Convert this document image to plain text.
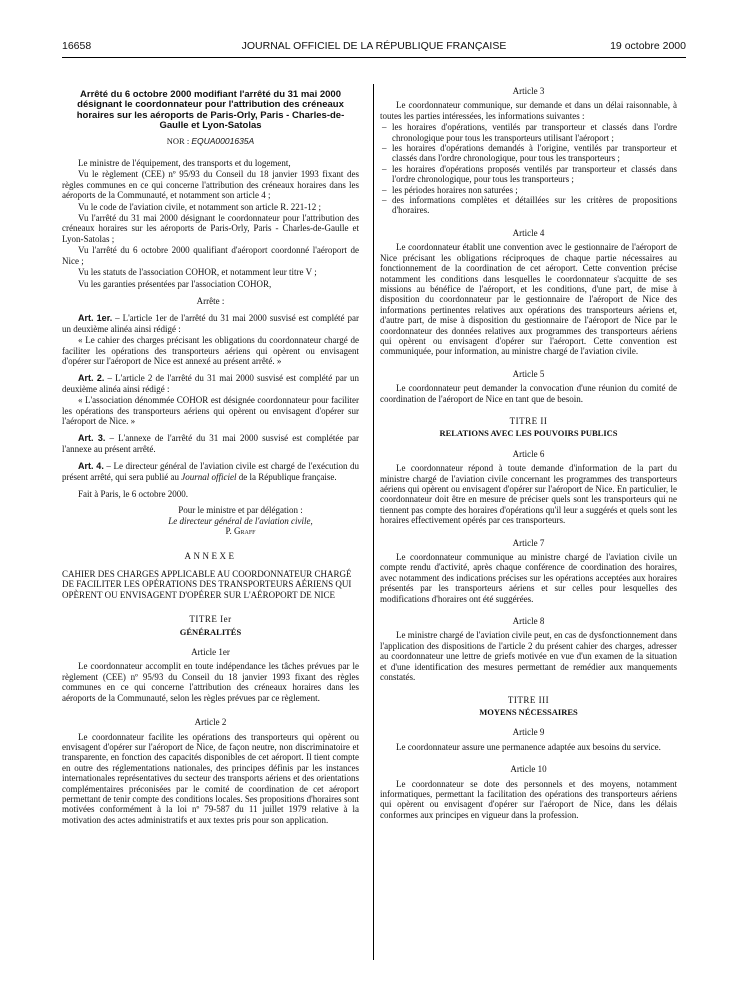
16658	JOURNAL OFFICIEL DE LA RÉPUBLIQUE FRANÇAISE	19 octobre 2000
Arrêté du 6 octobre 2000 modifiant l'arrêté du 31 mai 2000 désignant le coordonnateur pour l'attribution des créneaux horaires sur les aéroports de Paris-Orly, Paris - Charles-de-Gaulle et Lyon-Satolas

NOR : EQUA0001635A

Le ministre de l'équipement, des transports et du logement,

Vu le règlement (CEE) nº 95/93 du Conseil du 18 janvier 1993 fixant des règles communes en ce qui concerne l'attribution des créneaux horaires dans les aéroports de la Communauté, et notamment son article 4 ;

Vu le code de l'aviation civile, et notamment son article R. 221-12 ;

Vu l'arrêté du 31 mai 2000 désignant le coordonnateur pour l'attribution des créneaux horaires sur les aéroports de Paris-Orly, Paris - Charles-de-Gaulle et Lyon-Satolas ;

Vu l'arrêté du 6 octobre 2000 qualifiant d'aéroport coordonné l'aéroport de Nice ;

Vu les statuts de l'association COHOR, et notamment leur titre V ;

Vu les garanties présentées par l'association COHOR,

Arrête :

Art. 1er. – L'article 1er de l'arrêté du 31 mai 2000 susvisé est complété par un deuxième alinéa ainsi rédigé :

« Le cahier des charges précisant les obligations du coordonnateur chargé de faciliter les opérations des transporteurs aériens qui opèrent ou envisagent d'opérer sur l'aéroport de Nice est annexé au présent arrêté. »

Art. 2. – L'article 2 de l'arrêté du 31 mai 2000 susvisé est complété par un deuxième alinéa ainsi rédigé :

« L'association dénommée COHOR est désignée coordonnateur pour faciliter les opérations des transporteurs aériens qui opèrent ou envisagent d'opérer sur l'aéroport de Nice. »

Art. 3. – L'annexe de l'arrêté du 31 mai 2000 susvisé est complétée par l'annexe au présent arrêté.

Art. 4. – Le directeur général de l'aviation civile est chargé de l'exécution du présent arrêté, qui sera publié au Journal officiel de la République française.

Fait à Paris, le 6 octobre 2000.

Pour le ministre et par délégation :
Le directeur général de l'aviation civile,
P. Graff

ANNEXE

CAHIER DES CHARGES APPLICABLE AU COORDONNATEUR CHARGÉ DE FACILITER LES OPÉRATIONS DES TRANSPORTEURS AÉRIENS QUI OPÈRENT OU ENVISAGENT D'OPÉRER SUR L'AÉROPORT DE NICE

TITRE Ier

GÉNÉRALITÉS

Article 1er

Le coordonnateur accomplit en toute indépendance les tâches prévues par le règlement (CEE) nº 95/93 du Conseil du 18 janvier 1993 fixant des règles communes en ce qui concerne l'attribution des créneaux horaires dans les aéroports de la Communauté, selon les règles prévues par ce règlement.

Article 2

Le coordonnateur facilite les opérations des transporteurs qui opèrent ou envisagent d'opérer sur l'aéroport de Nice, de façon neutre, non discriminatoire et transparente, en fonction des capacités disponibles de cet aéroport. Il tient compte en outre des réglementations nationales, des principes définis par les instances internationales représentatives du secteur des transports aériens et des orientations complémentaires préconisées par le comité de coordination de cet aéroport permettant de tenir compte des conditions locales. Ses propositions d'horaires sont motivées conformément à la loi nº 79-587 du 11 juillet 1979 relative à la motivation des actes administratifs et aux textes pris pour son application.

Article 3

Le coordonnateur communique, sur demande et dans un délai raisonnable, à toutes les parties intéressées, les informations suivantes :

– les horaires d'opérations, ventilés par transporteur et classés dans l'ordre chronologique pour tous les transporteurs utilisant l'aéroport ;
– les horaires d'opérations demandés à l'origine, ventilés par transporteur et classés dans l'ordre chronologique, pour tous les transporteurs ;
– les horaires d'opérations proposés ventilés par transporteur et classés dans l'ordre chronologique, pour tous les transporteurs ;
– les périodes horaires non saturées ;
– des informations complètes et détaillées sur les critères de propositions d'horaires.

Article 4

Le coordonnateur établit une convention avec le gestionnaire de l'aéroport de Nice précisant les obligations réciproques de chaque partie nécessaires au fonctionnement de la coordination de cet aéroport. Cette convention précise notamment les conditions dans lesquelles le coordonnateur s'acquitte de ses missions au bénéfice de l'aéroport, et les conditions, d'une part, de mise à disposition du coordonnateur par le gestionnaire de l'aéroport de Nice des informations pertinentes relatives aux opérations des transporteurs aériens et, d'autre part, de mise à disposition du gestionnaire de l'aéroport de Nice par le coordonnateur des données relatives aux programmes des transporteurs aériens qui opèrent ou envisagent d'opérer sur l'aéroport. Cette convention est communiquée, pour information, au ministre chargé de l'aviation civile.

Article 5

Le coordonnateur peut demander la convocation d'une réunion du comité de coordination de l'aéroport de Nice en tant que de besoin.

TITRE II

RELATIONS AVEC LES POUVOIRS PUBLICS

Article 6

Le coordonnateur répond à toute demande d'information de la part du ministre chargé de l'aviation civile concernant les programmes des transporteurs aériens qui opèrent ou envisagent d'opérer sur l'aéroport de Nice. En particulier, le coordonnateur doit être en mesure de préciser quels sont les transporteurs qui ne tiennent pas compte des horaires d'opérations qu'il leur a suggérés et quels sont les horaires effectivement opérés par ces transporteurs.

Article 7

Le coordonnateur communique au ministre chargé de l'aviation civile un compte rendu d'activité, après chaque conférence de coordination des horaires, avec notamment des indications précises sur les opérations acceptées aux horaires présentés par les transporteurs aériens et sur celles pour lesquelles des modifications d'horaires ont été suggérées.

Article 8

Le ministre chargé de l'aviation civile peut, en cas de dysfonctionnement dans l'application des dispositions de l'article 2 du présent cahier des charges, adresser au coordonnateur une lettre de griefs motivée en vue d'un examen de la situation et d'une identification des mesures permettant de remédier aux manquements constatés.

TITRE III

MOYENS NÉCESSAIRES

Article 9

Le coordonnateur assure une permanence adaptée aux besoins du service.

Article 10

Le coordonnateur se dote des personnels et des moyens, notamment informatiques, permettant la facilitation des opérations des transporteurs aériens qui opèrent ou envisagent d'opérer sur l'aéroport de Nice, dans les délais conformes aux principes en vigueur dans la profession.
